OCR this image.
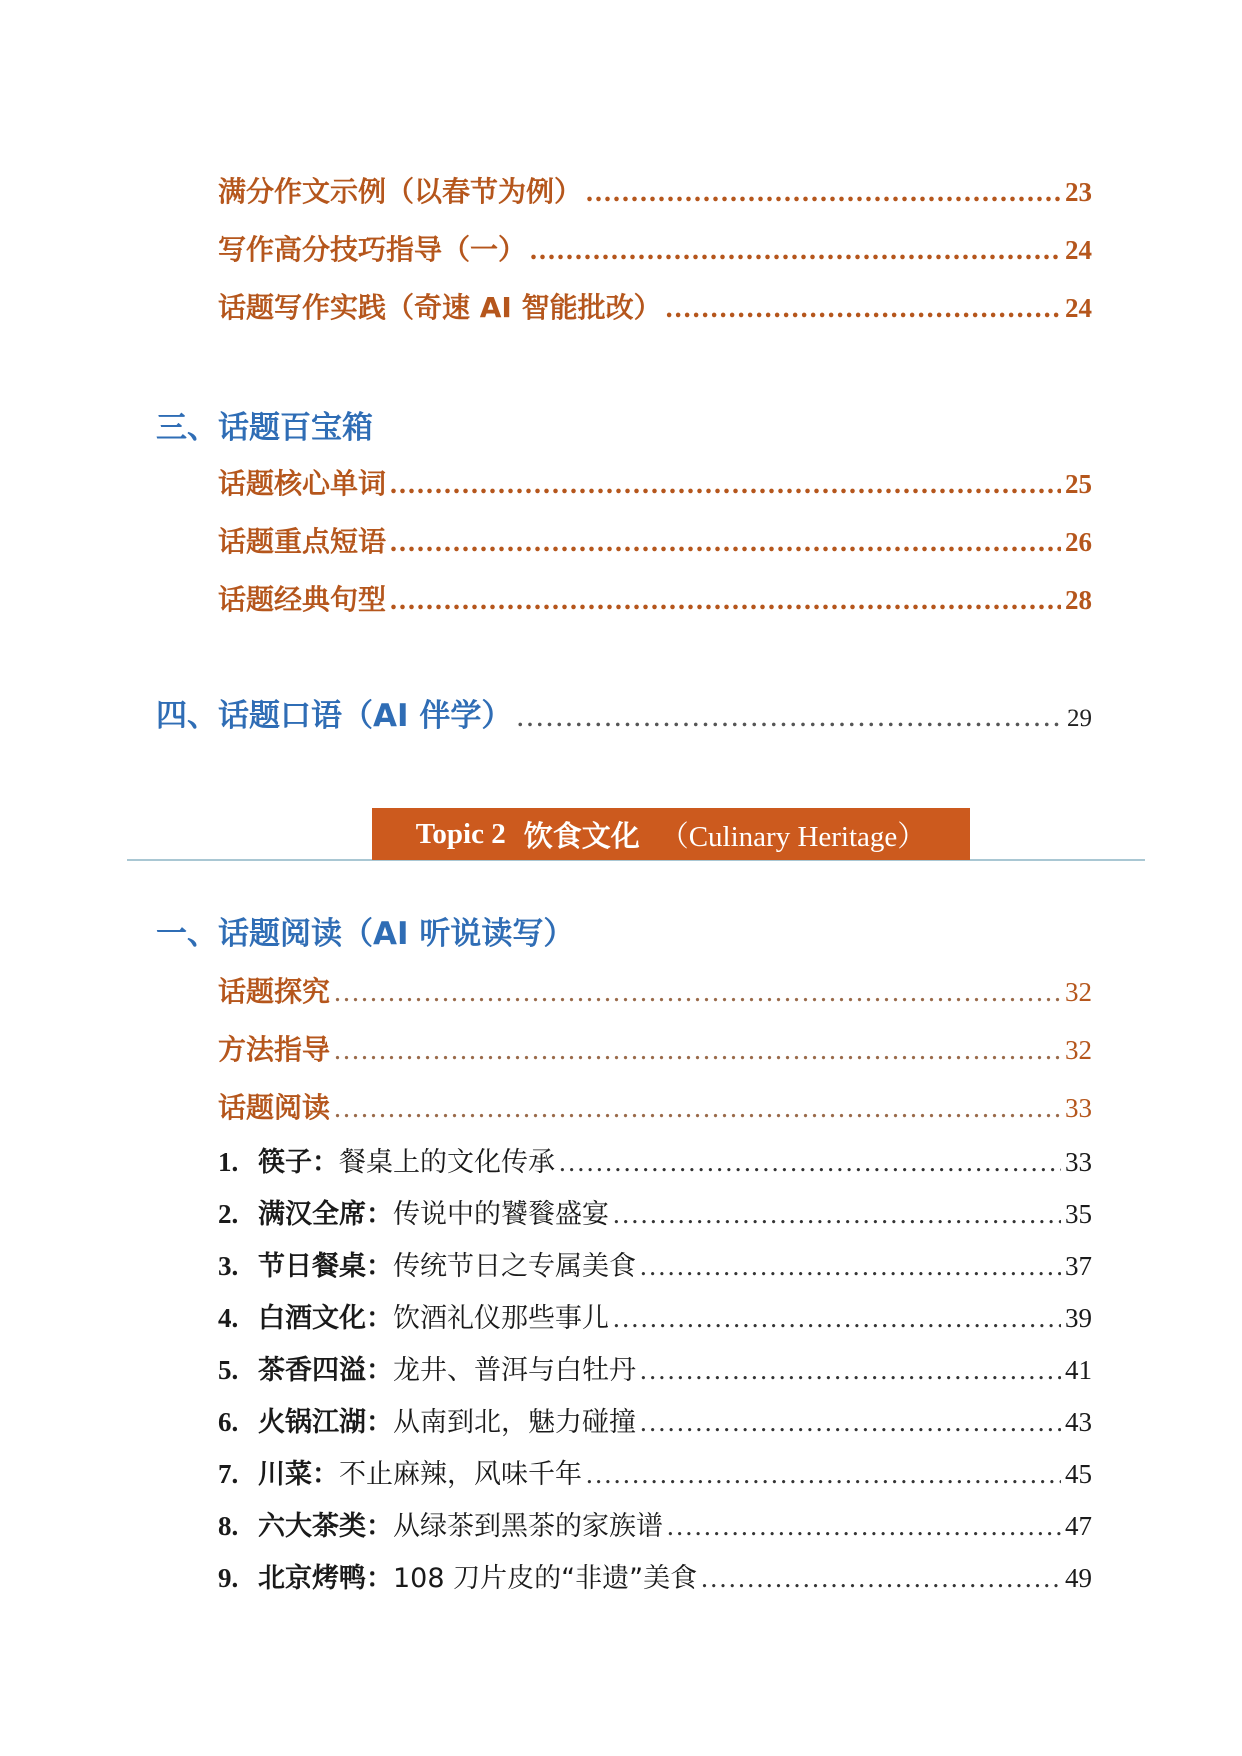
满分作文示例（以春节为例） .....	23
写作高分技巧指导（一） .....	24
话题写作实践（奇速 AI 智能批改） .....	24
三、话题百宝箱
话题核心单词 .....	25
话题重点短语 .....	26
话题经典句型 .....	28
四、话题口语（AI 伴学） .....	29
Topic 2 饮食文化 （Culinary Heritage）
一、话题阅读（AI 听说读写）
话题探究 .....	32
方法指导 .....	32
话题阅读 .....	33
1. 筷子： 餐桌上的文化传承 .....	33
2. 满汉全席： 传说中的饕餮盛宴 .....	35
3. 节日餐桌： 传统节日之专属美食 .....	37
4. 白酒文化： 饮酒礼仪那些事儿 .....	39
5. 茶香四溢： 龙井、普洱与白牡丹 .....	41
6. 火锅江湖： 从南到北，魅力碰撞 .....	43
7. 川菜： 不止麻辣，风味千年 .....	45
8. 六大茶类： 从绿茶到黑茶的家族谱 .....	47
9. 北京烤鸭： 108 刀片皮的“非遗”美食 .....	49
